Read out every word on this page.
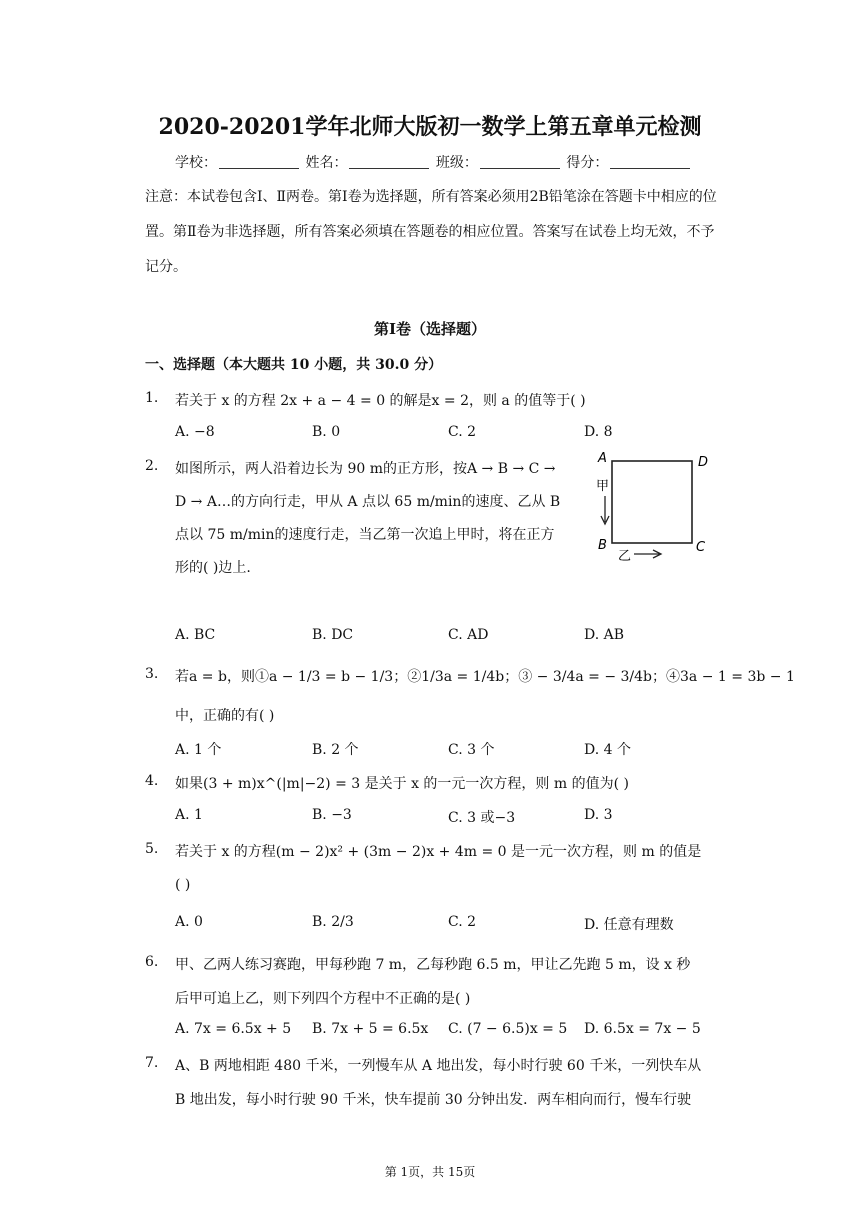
2020-20201学年北师大版初一数学上第五章单元检测
学校：	姓名：	班级：	得分：
注意：本试卷包含Ⅰ、Ⅱ两卷。第Ⅰ卷为选择题，所有答案必须用2B铅笔涂在答题卡中相应的位置。第Ⅱ卷为非选择题，所有答案必须填在答题卷的相应位置。答案写在试卷上均无效，不予记分。
第Ⅰ卷（选择题）
一、选择题（本大题共 10 小题，共 30.0 分）
1. 若关于 x 的方程 2x + a − 4 = 0 的解是x = 2，则 a 的值等于( )
A. −8	B. 0	C. 2	D. 8
2. 如图所示，两人沿着边长为 90 m的正方形，按A → B → C →
D → A…的方向行走，甲从 A 点以 65 m/min的速度、乙从 B
点以 75 m/min的速度行走，当乙第一次追上甲时，将在正方
形的( )边上.
A	D
B	C
甲
乙
A. BC	B. DC	C. AD	D. AB
3. 若a = b，则①a − 1/3 = b − 1/3；②1/3a = 1/4b；③ − 3/4a = − 3/4b；④3a − 1 = 3b − 1
中，正确的有( )
A. 1 个	B. 2 个	C. 3 个	D. 4 个
4. 如果(3 + m)x^(|m|−2) = 3 是关于 x 的一元一次方程，则 m 的值为( )
A. 1	B. −3	C. 3 或−3	D. 3
5. 若关于 x 的方程(m − 2)x² + (3m − 2)x + 4m = 0 是一元一次方程，则 m 的值是
( )
A. 0	B. 2/3	C. 2	D. 任意有理数
6. 甲、乙两人练习赛跑，甲每秒跑 7 m，乙每秒跑 6.5 m，甲让乙先跑 5 m，设 x 秒
后甲可追上乙，则下列四个方程中不正确的是( )
A. 7x = 6.5x + 5 B. 7x + 5 = 6.5x C. (7 − 6.5)x = 5 D. 6.5x = 7x − 5
7. A、B 两地相距 480 千米，一列慢车从 A 地出发，每小时行驶 60 千米，一列快车从
B 地出发，每小时行驶 90 千米，快车提前 30 分钟出发．两车相向而行，慢车行驶
第 1页，共 15页
